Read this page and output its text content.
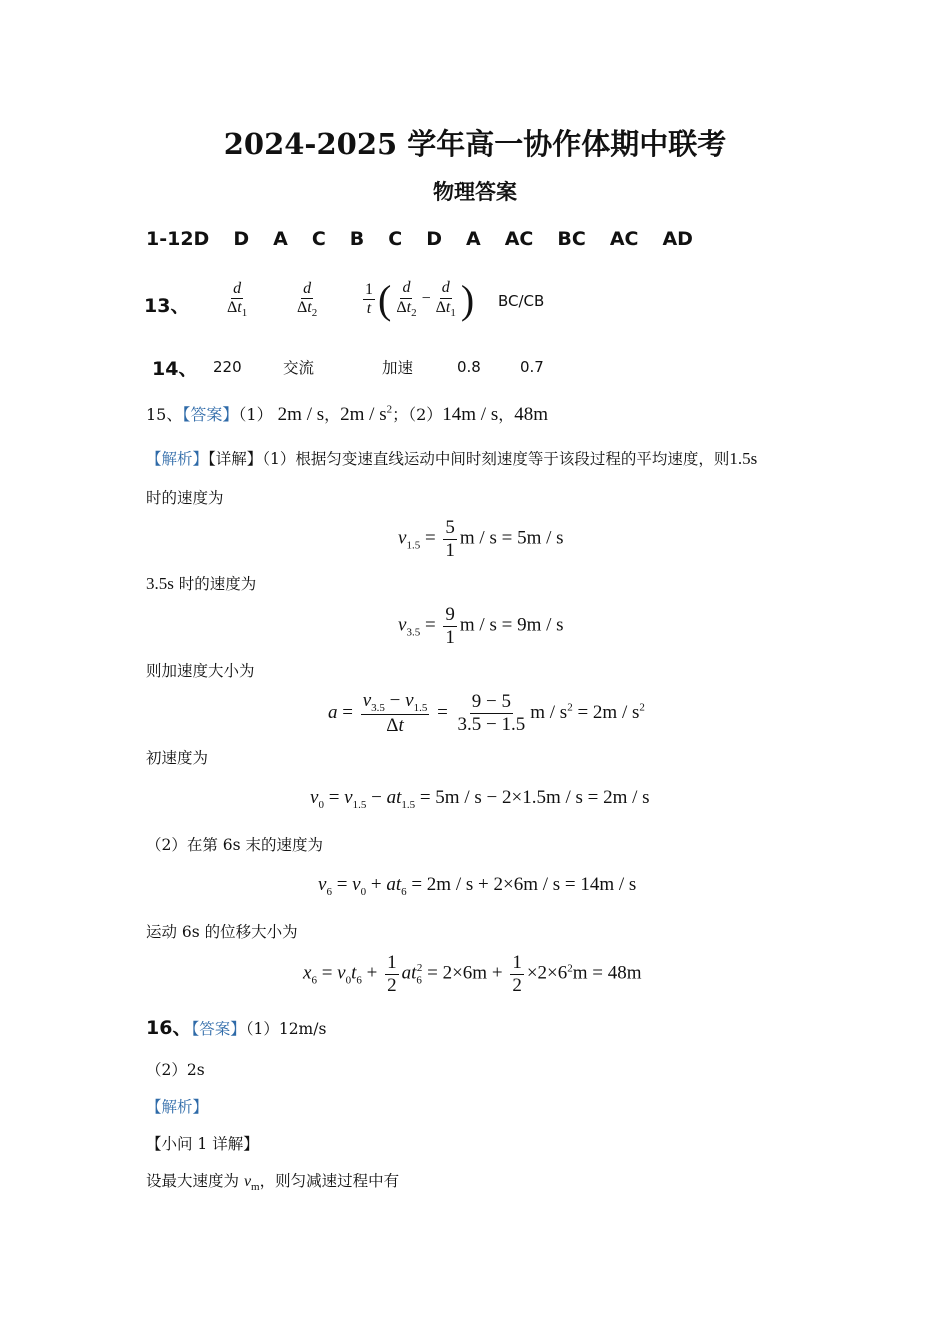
2024-2025 学年高一协作体期中联考
物理答案
1-12D D A C B C D A AC BC AC AD
13、 $\frac{d}{\Delta t_1}$	$\frac{d}{\Delta t_2}$	$\frac{1}{t}$ ( $\frac{d}{\Delta t_2} - \frac{d}{\Delta t_1}$ ) BC/CB
14、 220	交流	加速	0.8	0.7
15、【答案】（1） 2m / s，$2m / s^2$；（2）14m / s，48m
【解析】【详解】（1）根据匀变速直线运动中间时刻速度等于该段过程的平均速度，则1.5s
时的速度为
$v_{1.5} = \frac{5}{1}$ m / s = 5m / s
3.5s 时的速度为
$v_{3.5} = \frac{9}{1}$ m / s = 9m / s
则加速度大小为
$a = \frac{v_{3.5} - v_{1.5}}{\Delta t} = \frac{9 - 5}{3.5 - 1.5}$ $m / s^2 = 2m / s^2$
初速度为
$v_0 = v_{1.5} - at_{1.5} = 5m / s - 2\times 1.5m / s = 2m / s$
（2）在第 6s 末的速度为
$v_6 = v_0 + at_6 = 2m / s + 2\times 6m / s = 14m / s$
运动 6s 的位移大小为
$x_6 = v_0t_6 + \frac{1}{2} at_6^2 = 2\times 6m + \frac{1}{2} \times 2\times 6^2m = 48m$
16、【答案】（1）12m/s
（2）2s
【解析】
【小问 1 详解】
设最大速度为 $v_m$，则匀减速过程中有
